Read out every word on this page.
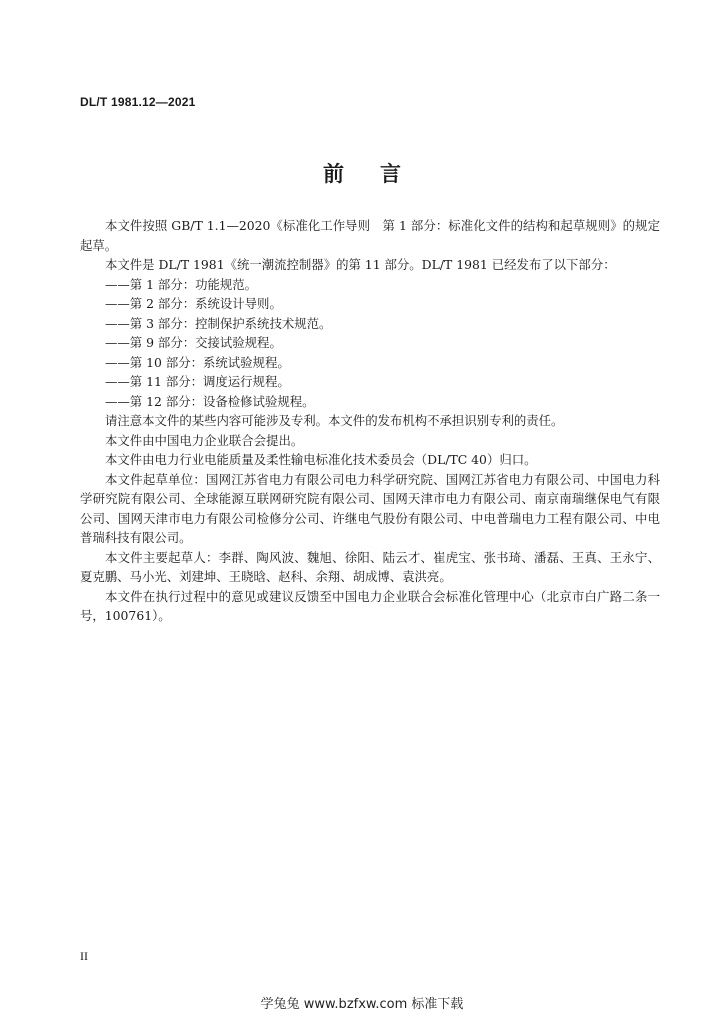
DL/T 1981.12—2021
前言

本文件按照 GB/T 1.1—2020《标准化工作导则　第 1 部分：标准化文件的结构和起草规则》的规定起草。

本文件是 DL/T 1981《统一潮流控制器》的第 11 部分。DL/T 1981 已经发布了以下部分：

——第 1 部分：功能规范。

——第 2 部分：系统设计导则。

——第 3 部分：控制保护系统技术规范。

——第 9 部分：交接试验规程。

——第 10 部分：系统试验规程。

——第 11 部分：调度运行规程。

——第 12 部分：设备检修试验规程。

请注意本文件的某些内容可能涉及专利。本文件的发布机构不承担识别专利的责任。

本文件由中国电力企业联合会提出。

本文件由电力行业电能质量及柔性输电标准化技术委员会（DL/TC 40）归口。

本文件起草单位：国网江苏省电力有限公司电力科学研究院、国网江苏省电力有限公司、中国电力科学研究院有限公司、全球能源互联网研究院有限公司、国网天津市电力有限公司、南京南瑞继保电气有限公司、国网天津市电力有限公司检修分公司、许继电气股份有限公司、中电普瑞电力工程有限公司、中电普瑞科技有限公司。

本文件主要起草人：李群、陶风波、魏旭、徐阳、陆云才、崔虎宝、张书琦、潘磊、王真、王永宁、夏克鹏、马小光、刘建坤、王晓晗、赵科、余翔、胡成博、袁洪亮。

本文件在执行过程中的意见或建议反馈至中国电力企业联合会标准化管理中心（北京市白广路二条一号，100761）。

II
学兔兔 www.bzfxw.com 标准下载
